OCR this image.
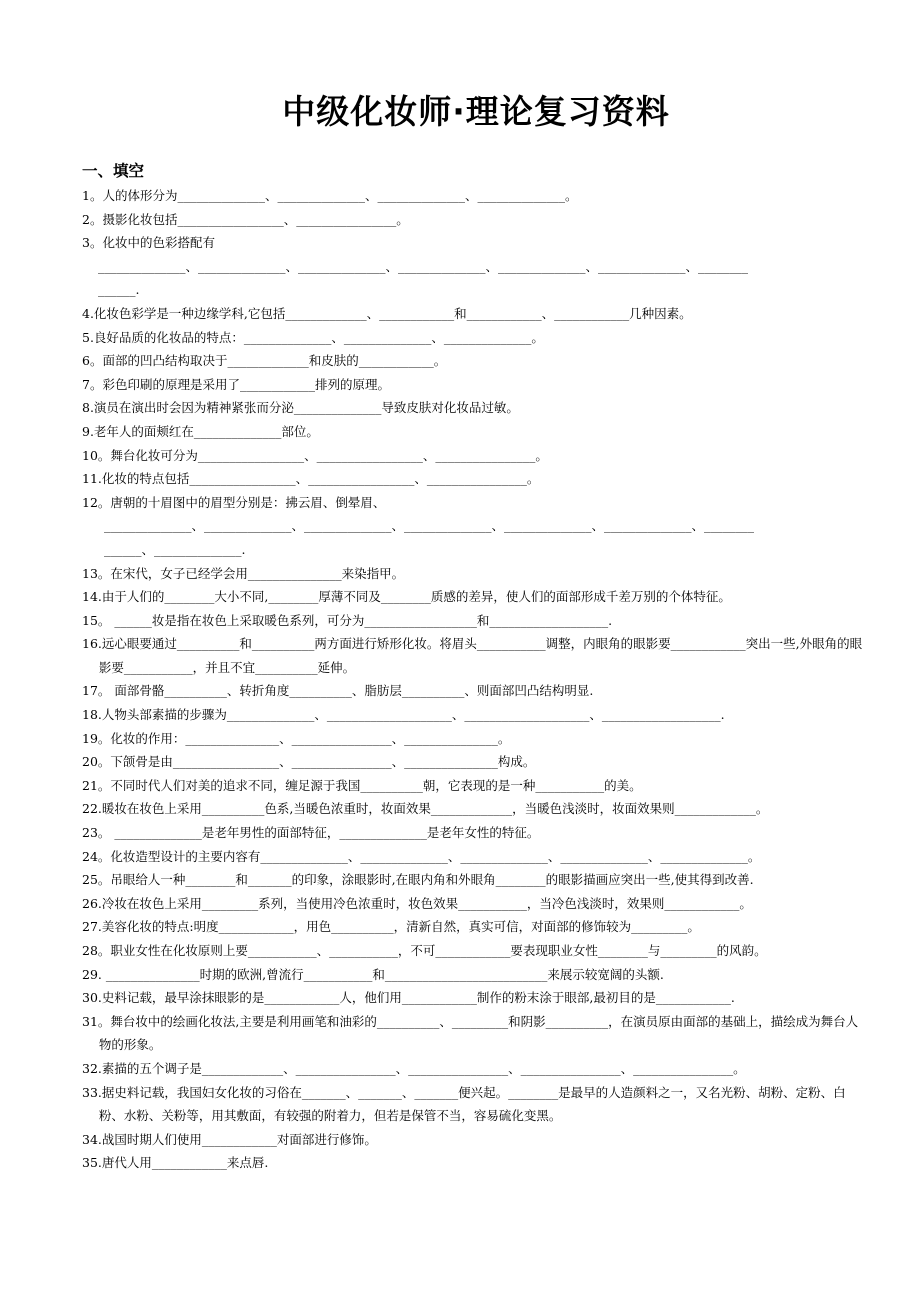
中级化妆师·理论复习资料
一、填空
1。人的体形分为______________、______________、______________、______________。
2。摄影化妆包括_________________、________________。
3。化妆中的色彩搭配有
______________、______________、______________、______________、______________、______________、________
______.
4.化妆色彩学是一种边缘学科,它包括_____________、____________和____________、____________几种因素。
5.良好品质的化妆品的特点：______________、______________、______________。
6。面部的凹凸结构取决于_____________和皮肤的____________。
7。彩色印刷的原理是采用了____________排列的原理。
8.演员在演出时会因为精神紧张而分泌______________导致皮肤对化妆品过敏。
9.老年人的面颊红在______________部位。
10。舞台化妆可分为_________________、_________________、________________。
11.化妆的特点包括_________________、_________________、________________。
12。唐朝的十眉图中的眉型分别是：拂云眉、倒晕眉、
______________、______________、______________、______________、______________、______________、________
______、______________.
13。在宋代，女子已经学会用_______________来染指甲。
14.由于人们的________大小不同,________厚薄不同及________质感的差异，使人们的面部形成千差万别的个体特征。
15。 ______妆是指在妆色上采取暖色系列，可分为__________________和___________________.
16.远心眼要通过__________和__________两方面进行矫形化妆。将眉头___________调整，内眼角的眼影要____________突出一些,外眼角的眼影要___________，并且不宜__________延伸。
17。 面部骨骼__________、转折角度__________、脂肪层__________、则面部凹凸结构明显.
18.人物头部素描的步骤为______________、____________________、____________________、___________________.
19。化妆的作用：_______________、________________、_______________。
20。下颌骨是由_________________、________________、_______________构成。
21。不同时代人们对美的追求不同，缠足源于我国__________朝，它表现的是一种___________的美。
22.暖妆在妆色上采用__________色系,当暖色浓重时，妆面效果_____________，当暖色浅淡时，妆面效果则_____________。
23。 ______________是老年男性的面部特征，______________是老年女性的特征。
24。化妆造型设计的主要内容有______________、______________、______________、______________、______________。
25。吊眼给人一种________和_______的印象，涂眼影时,在眼内角和外眼角________的眼影描画应突出一些,使其得到改善.
26.冷妆在妆色上采用_________系列，当使用冷色浓重时，妆色效果___________，当冷色浅淡时，效果则____________。
27.美容化妆的特点:明度____________，用色__________，清新自然，真实可信，对面部的修饰较为_________。
28。职业女性在化妆原则上要___________、___________，不可____________要表现职业女性________与_________的风韵。
29. _______________时期的欧洲,曾流行___________和__________________________来展示较宽阔的头额.
30.史料记载，最早涂抹眼影的是____________人，他们用____________制作的粉末涂于眼部,最初目的是____________.
31。舞台妆中的绘画化妆法,主要是利用画笔和油彩的__________、_________和阴影__________，在演员原由面部的基础上，描绘成为舞台人物的形象。
32.素描的五个调子是_____________、________________、________________、________________、________________。
33.据史料记载，我国妇女化妆的习俗在_______、_______、_______便兴起。________是最早的人造颜料之一，又名光粉、胡粉、定粉、白粉、水粉、关粉等，用其敷面，有较强的附着力，但若是保管不当，容易硫化变黑。
34.战国时期人们使用____________对面部进行修饰。
35.唐代人用____________来点唇.
